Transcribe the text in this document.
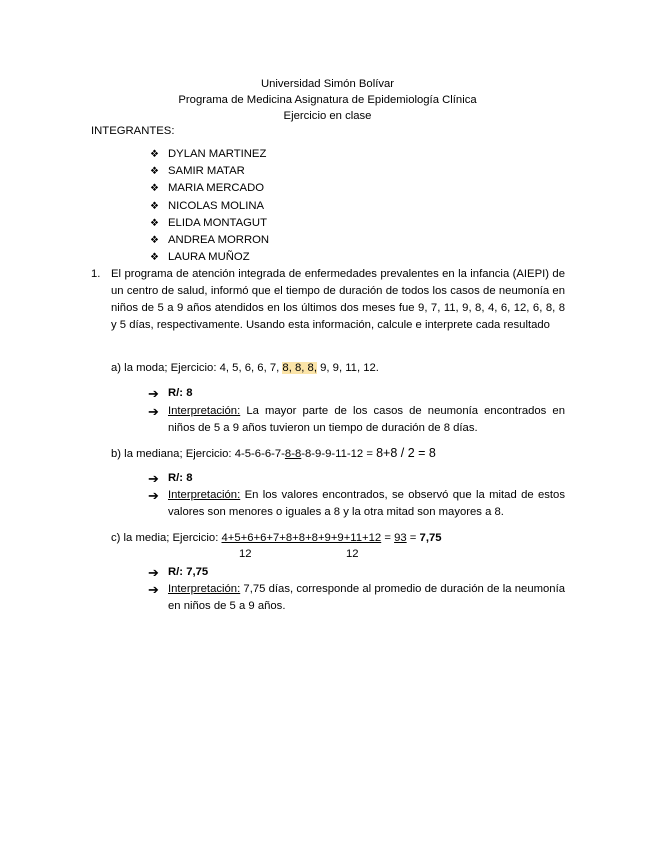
Universidad Simón Bolívar
Programa de Medicina Asignatura de Epidemiología Clínica
Ejercicio en clase
INTEGRANTES:
❖ DYLAN MARTINEZ
❖ SAMIR MATAR
❖ MARIA MERCADO
❖ NICOLAS MOLINA
❖ ELIDA MONTAGUT
❖ ANDREA MORRON
❖ LAURA MUÑOZ
1. El programa de atención integrada de enfermedades prevalentes en la infancia (AIEPI) de un centro de salud, informó que el tiempo de duración de todos los casos de neumonía en niños de 5 a 9 años atendidos en los últimos dos meses fue 9, 7, 11, 9, 8, 4, 6, 12, 6, 8, 8 y 5 días, respectivamente. Usando esta información, calcule e interprete cada resultado
a) la moda; Ejercicio: 4, 5, 6, 6, 7, 8, 8, 8, 9, 9, 11, 12.
➔ R/: 8
➔ Interpretación: La mayor parte de los casos de neumonía encontrados en niños de 5 a 9 años tuvieron un tiempo de duración de 8 días.
b) la mediana; Ejercicio: 4-5-6-6-7-8-8-8-9-9-11-12 = 8+8 / 2 = 8
➔ R/: 8
➔ Interpretación: En los valores encontrados, se observó que la mitad de estos valores son menores o iguales a 8 y la otra mitad son mayores a 8.
c) la media; Ejercicio: 4+5+6+6+7+8+8+8+9+9+11+12 = 93 = 7,75
12	12
➔ R/: 7,75
➔ Interpretación: 7,75 días, corresponde al promedio de duración de la neumonía en niños de 5 a 9 años.
